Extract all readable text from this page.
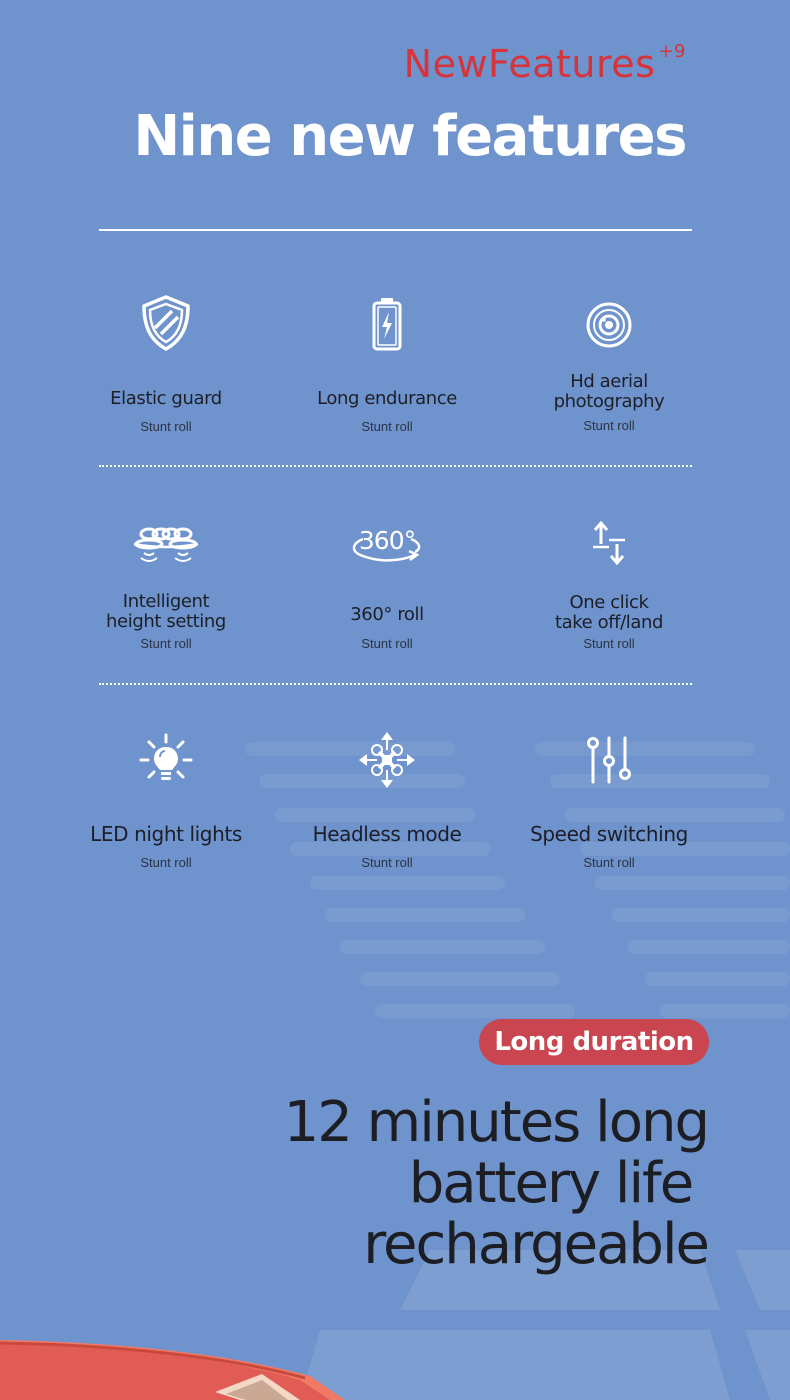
NewFeatures $^{+9}$
Nine new features
Elastic guard
Stunt roll
Long endurance
Stunt roll
Hd aerial
photography
Stunt roll
Intelligent
height setting
Stunt roll
360°
360° roll
Stunt roll
One click
take off/land
Stunt roll
LED night lights
Stunt roll
Headless mode
Stunt roll
Speed switching
Stunt roll
Long duration
12 minutes long
battery life
rechargeable
